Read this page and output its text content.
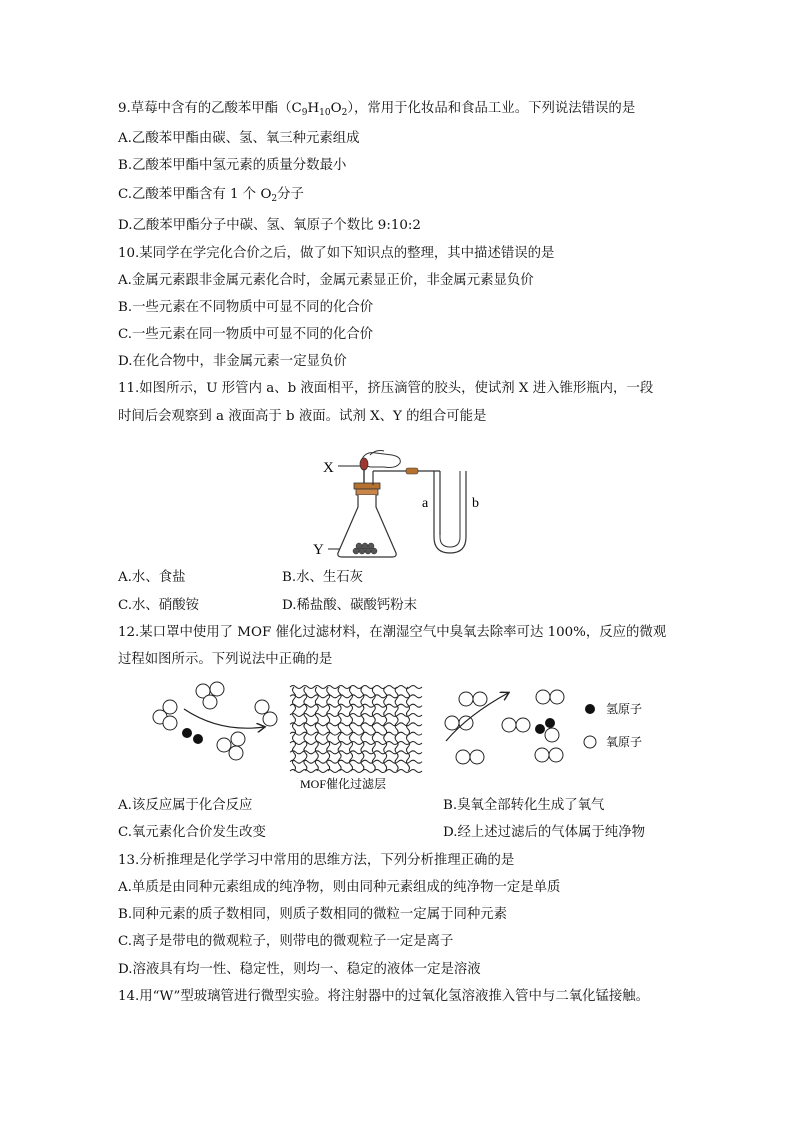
9.草莓中含有的乙酸苯甲酯$(C_9H_{10}O_2)$，常用于化妆品和食品工业。下列说法错误的是
A.乙酸苯甲酯由碳、氢、氧三种元素组成
B.乙酸苯甲酯中氢元素的质量分数最小
C.乙酸苯甲酯含有 1 个 $O_2$分子
D.乙酸苯甲酯分子中碳、氢、氧原子个数比 9:10:2
10.某同学在学完化合价之后，做了如下知识点的整理，其中描述错误的是
A.金属元素跟非金属元素化合时，金属元素显正价，非金属元素显负价
B.一些元素在不同物质中可显不同的化合价
C.一些元素在同一物质中可显不同的化合价
D.在化合物中，非金属元素一定显负价
11.如图所示，U 形管内 a、b 液面相平，挤压滴管的胶头，使试剂 X 进入锥形瓶内，一段
时间后会观察到 a 液面高于 b 液面。试剂 X、Y 的组合可能是
X
Y
a	b
A.水、食盐	B.水、生石灰
C.水、硝酸铵	D.稀盐酸、碳酸钙粉末
12.某口罩中使用了 MOF 催化过滤材料，在潮湿空气中臭氧去除率可达 100%，反应的微观
过程如图所示。下列说法中正确的是
MOF催化过滤层
氢原子
氧原子
A.该反应属于化合反应	B.臭氧全部转化生成了氧气
C.氧元素化合价发生改变	D.经上述过滤后的气体属于纯净物
13.分析推理是化学学习中常用的思维方法，下列分析推理正确的是
A.单质是由同种元素组成的纯净物，则由同种元素组成的纯净物一定是单质
B.同种元素的质子数相同，则质子数相同的微粒一定属于同种元素
C.离子是带电的微观粒子，则带电的微观粒子一定是离子
D.溶液具有均一性、稳定性，则均一、稳定的液体一定是溶液
14.用“W”型玻璃管进行微型实验。将注射器中的过氧化氢溶液推入管中与二氧化锰接触。
